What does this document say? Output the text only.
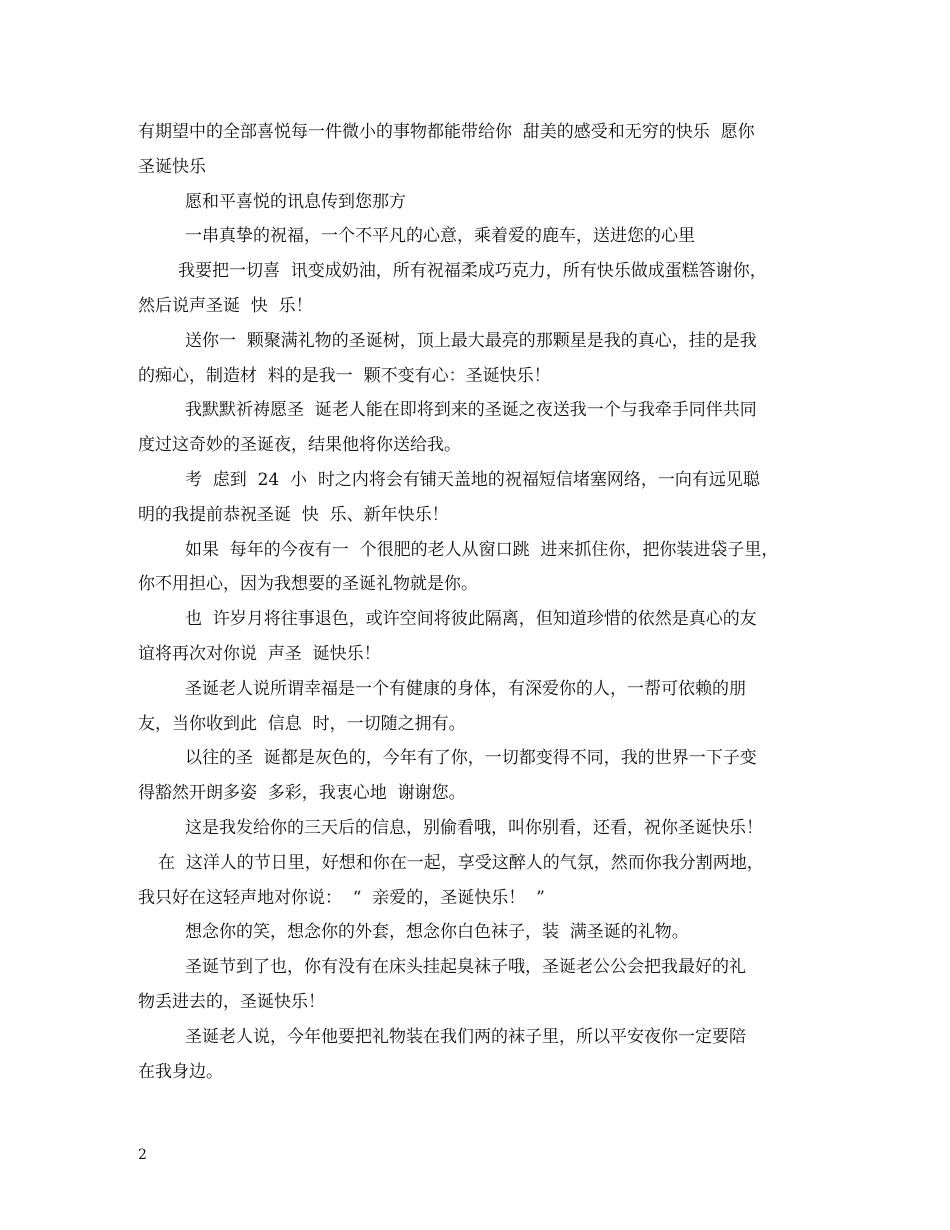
有期望中的全部喜悦每一件微小的事物都能带给你  甜美的感受和无穷的快乐  愿你
圣诞快乐
愿和平喜悦的讯息传到您那方
一串真挚的祝福，一个不平凡的心意，乘着爱的鹿车，送进您的心里
我要把一切喜  讯变成奶油，所有祝福柔成巧克力，所有快乐做成蛋糕答谢你，
然后说声圣诞  快  乐！
送你一  颗聚满礼物的圣诞树，顶上最大最亮的那颗星是我的真心，挂的是我
的痴心，制造材  料的是我一  颗不变有心：圣诞快乐！
我默默祈祷愿圣  诞老人能在即将到来的圣诞之夜送我一个与我牵手同伴共同
度过这奇妙的圣诞夜，结果他将你送给我。
考  虑到  24  小  时之内将会有铺天盖地的祝福短信堵塞网络，一向有远见聪
明的我提前恭祝圣诞  快  乐、新年快乐！
如果  每年的今夜有一  个很肥的老人从窗口跳  进来抓住你，把你装进袋子里，
你不用担心，因为我想要的圣诞礼物就是你。
也  许岁月将往事退色，或许空间将彼此隔离，但知道珍惜的依然是真心的友
谊将再次对你说  声圣  诞快乐！
圣诞老人说所谓幸福是一个有健康的身体，有深爱你的人，一帮可依赖的朋
友，当你收到此  信息  时，一切随之拥有。
以往的圣  诞都是灰色的，今年有了你，一切都变得不同，我的世界一下子变
得豁然开朗多姿  多彩，我衷心地  谢谢您。
这是我发给你的三天后的信息，别偷看哦，叫你别看，还看，祝你圣诞快乐！
在  这洋人的节日里，好想和你在一起，享受这醉人的气氛，然而你我分割两地，
我只好在这轻声地对你说：  “  亲爱的，圣诞快乐！  ”
想念你的笑，想念你的外套，想念你白色袜子，装  满圣诞的礼物。
圣诞节到了也，你有没有在床头挂起臭袜子哦，圣诞老公公会把我最好的礼
物丢进去的，圣诞快乐！
圣诞老人说，今年他要把礼物装在我们两的袜子里，所以平安夜你一定要陪
在我身边。
2
